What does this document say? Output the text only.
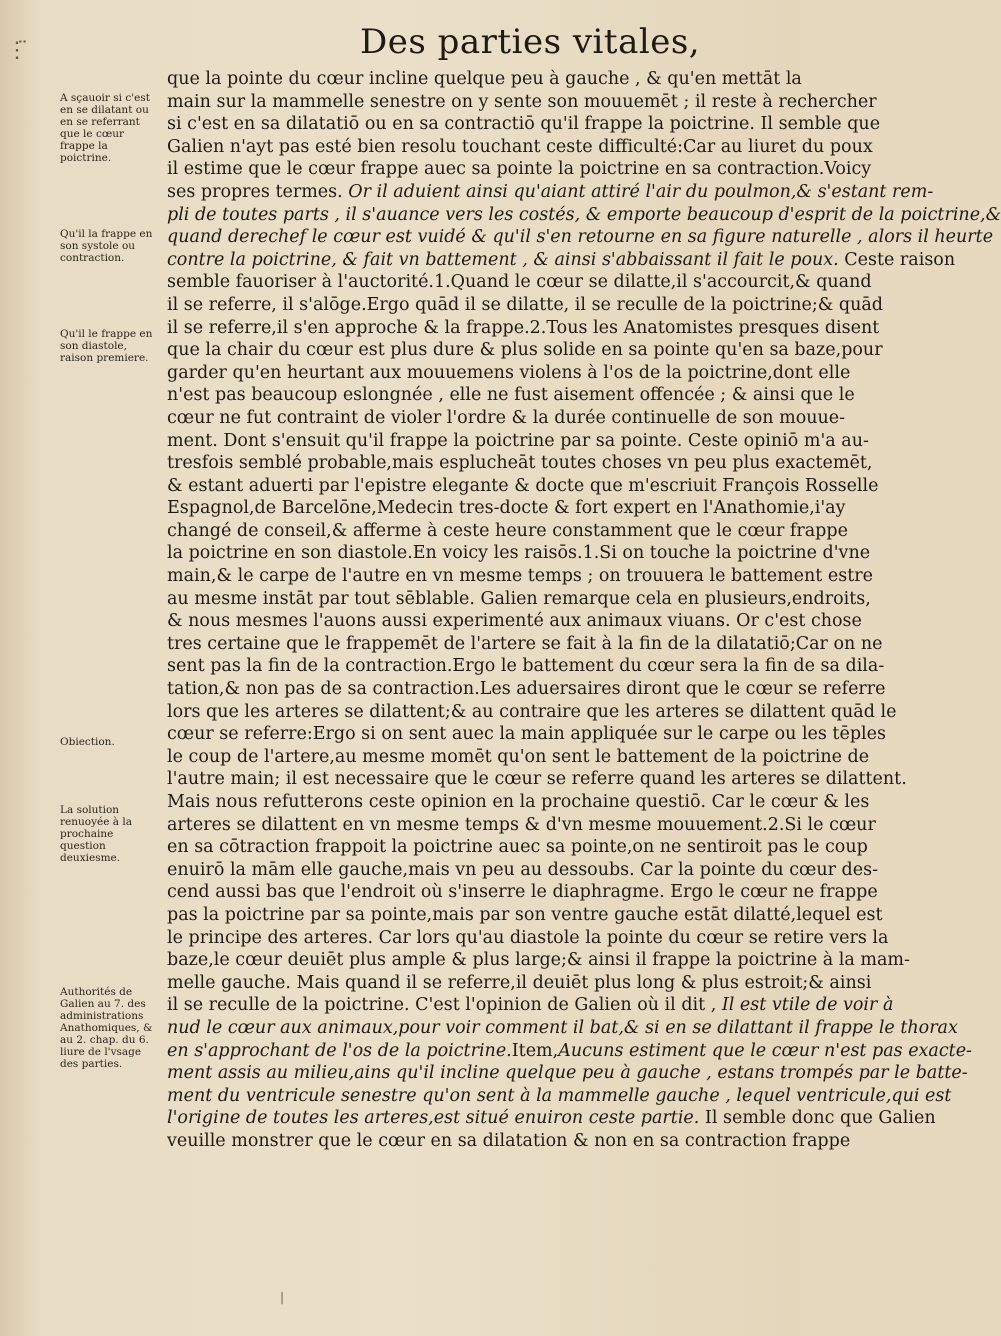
⋮̈	Des parties vitales,
A sçauoir si c'est en se dilatant ou en se referrant que le cœur frappe la poictrine.
Qu'il la frappe en son systole ou contraction.
Qu'il le frappe en son diastole, raison premiere.
Obiection.
La solution renuoyée à la prochaine question deuxiesme.
Authorités de Galien au 7. des administrations Anathomiques, & au 2. chap. du 6. liure de l'vsage des parties.
que la pointe du cœur incline quelque peu à gauche , & qu'en mettāt la
main sur la mammelle senestre on y sente son mouuemēt ; il reste à rechercher
si c'est en sa dilatatiō ou en sa contractiō qu'il frappe la poictrine. Il semble que
Galien n'ayt pas esté bien resolu touchant ceste difficulté:Car au liuret du poux
il estime que le cœur frappe auec sa pointe la poictrine en sa contraction.Voicy
ses propres termes. Or il aduient ainsi qu'aiant attiré l'air du poulmon,& s'estant rem-
pli de toutes parts , il s'auance vers les costés, & emporte beaucoup d'esprit de la poictrine,&
quand derechef le cœur est vuidé & qu'il s'en retourne en sa figure naturelle , alors il heurte
contre la poictrine, & fait vn battement , & ainsi s'abbaissant il fait le poux. Ceste raison
semble fauoriser à l'auctorité.1.Quand le cœur se dilatte,il s'accourcit,& quand
il se referre, il s'alōge.Ergo quād il se dilatte, il se reculle de la poictrine;& quād
il se referre,il s'en approche & la frappe.2.Tous les Anatomistes presques disent
que la chair du cœur est plus dure & plus solide en sa pointe qu'en sa baze,pour
garder qu'en heurtant aux mouuemens violens à l'os de la poictrine,dont elle
n'est pas beaucoup eslongnée , elle ne fust aisement offencée ; & ainsi que le
cœur ne fut contraint de violer l'ordre & la durée continuelle de son mouue-
ment. Dont s'ensuit qu'il frappe la poictrine par sa pointe. Ceste opiniō m'a au-
tresfois semblé probable,mais esplucheāt toutes choses vn peu plus exactemēt,
& estant aduerti par l'epistre elegante & docte que m'escriuit François Rosselle
Espagnol,de Barcelōne,Medecin tres-docte & fort expert en l'Anathomie,i'ay
changé de conseil,& afferme à ceste heure constamment que le cœur frappe
la poictrine en son diastole.En voicy les raisōs.1.Si on touche la poictrine d'vne
main,& le carpe de l'autre en vn mesme temps ; on trouuera le battement estre
au mesme instāt par tout sēblable. Galien remarque cela en plusieurs,endroits,
& nous mesmes l'auons aussi experimenté aux animaux viuans. Or c'est chose
tres certaine que le frappemēt de l'artere se fait à la fin de la dilatatiō;Car on ne
sent pas la fin de la contraction.Ergo le battement du cœur sera la fin de sa dila-
tation,& non pas de sa contraction.Les aduersaires diront que le cœur se referre
lors que les arteres se dilattent;& au contraire que les arteres se dilattent quād le
cœur se referre:Ergo si on sent auec la main appliquée sur le carpe ou les tēples
le coup de l'artere,au mesme momēt qu'on sent le battement de la poictrine de
l'autre main; il est necessaire que le cœur se referre quand les arteres se dilattent.
Mais nous refutterons ceste opinion en la prochaine questiō. Car le cœur & les
arteres se dilattent en vn mesme temps & d'vn mesme mouuement.2.Si le cœur
en sa cōtraction frappoit la poictrine auec sa pointe,on ne sentiroit pas le coup
enuirō la mām elle gauche,mais vn peu au dessoubs. Car la pointe du cœur des-
cend aussi bas que l'endroit où s'inserre le diaphragme. Ergo le cœur ne frappe
pas la poictrine par sa pointe,mais par son ventre gauche estāt dilatté,lequel est
le principe des arteres. Car lors qu'au diastole la pointe du cœur se retire vers la
baze,le cœur deuiēt plus ample & plus large;& ainsi il frappe la poictrine à la mam-
melle gauche. Mais quand il se referre,il deuiēt plus long & plus estroit;& ainsi
il se reculle de la poictrine. C'est l'opinion de Galien où il dit , Il est vtile de voir à
nud le cœur aux animaux,pour voir comment il bat,& si en se dilattant il frappe le thorax
en s'approchant de l'os de la poictrine.Item,Aucuns estiment que le cœur n'est pas exacte-
ment assis au milieu,ains qu'il incline quelque peu à gauche , estans trompés par le batte-
ment du ventricule senestre qu'on sent à la mammelle gauche , lequel ventricule,qui est
l'origine de toutes les arteres,est situé enuiron ceste partie. Il semble donc que Galien
veuille monstrer que le cœur en sa dilatation & non en sa contraction frappe
|
